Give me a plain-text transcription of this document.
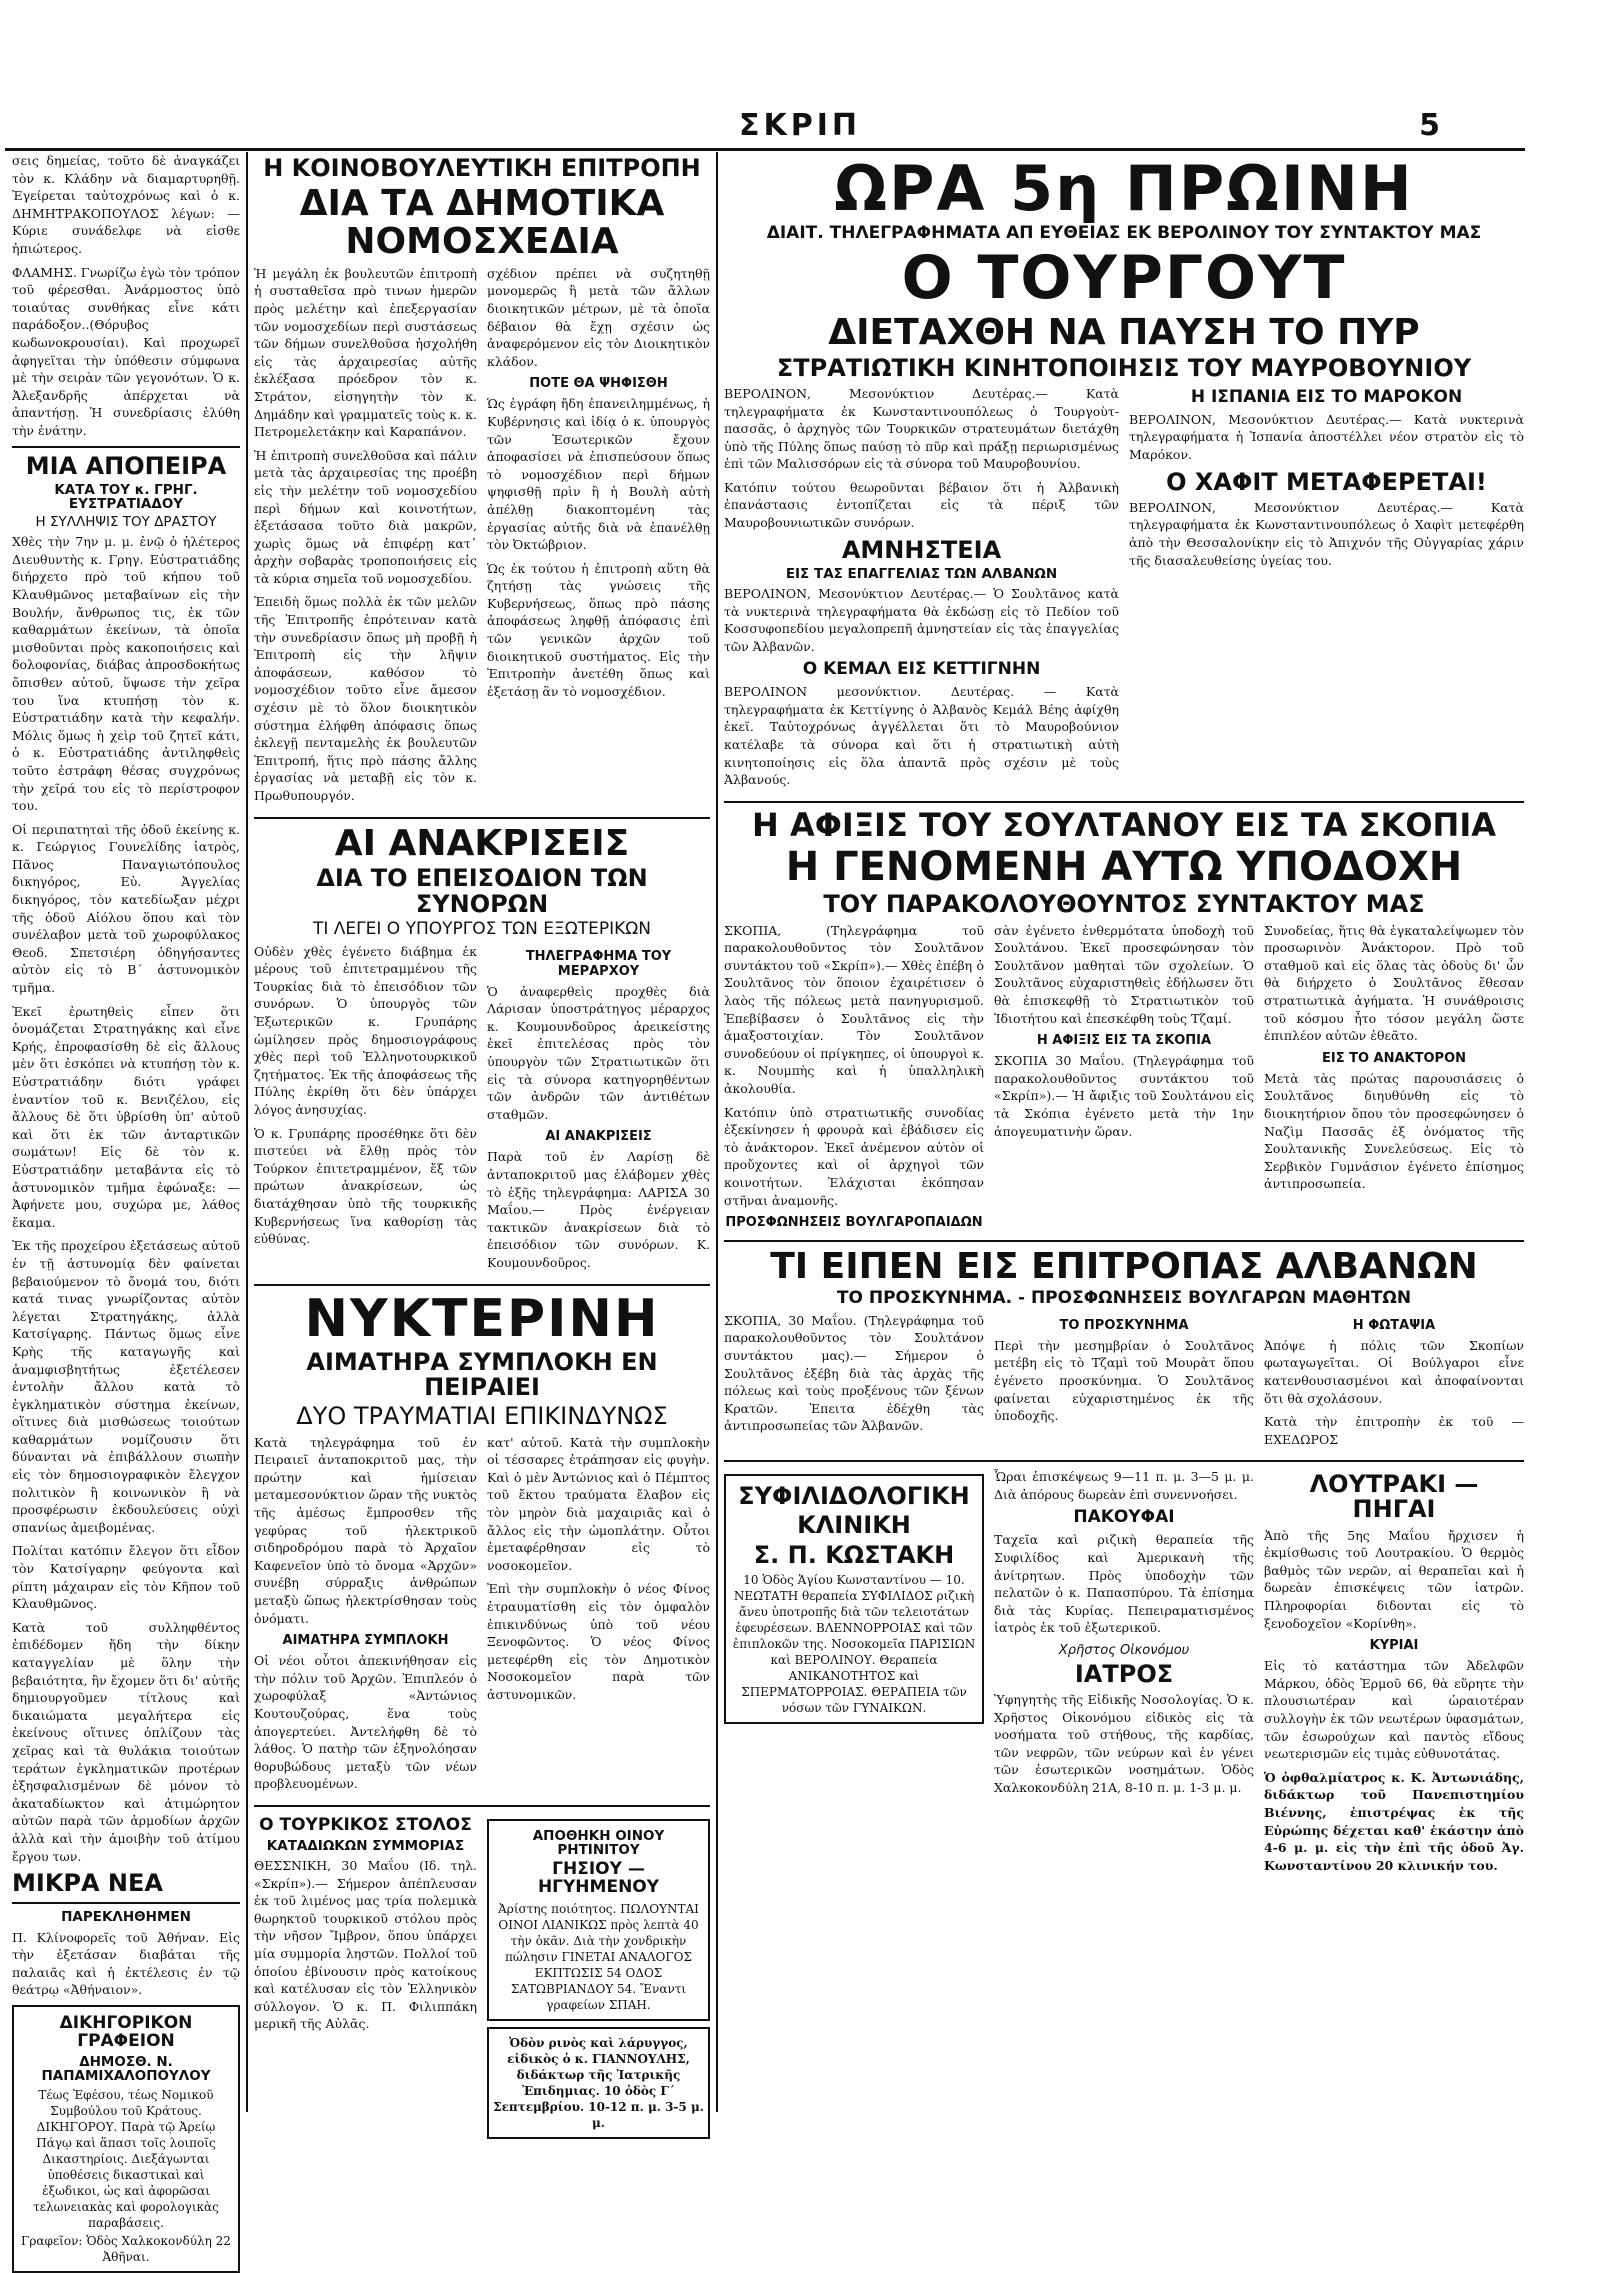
ΣΚΡΙΠ	5

σεις δημείας, τοῦτο δὲ ἀναγκάζει τὸν κ. Κλάδην νὰ διαμαρτυρηθῇ. Ἐγείρεται ταὐτοχρόνως καὶ ὁ κ. ΔΗΜΗΤΡΑΚΟΠΟΥΛΟΣ λέγων: — Κύριε συνάδελφε νὰ εἰσθε ἠπιώτερος.

ΦΛΑΜΗΣ. Γνωρίζω ἐγὼ τὸν τρόπον τοῦ φέρεσθαι. Ἀνάρμοστος ὑπὸ τοιαύτας συνθήκας εἶνε κάτι παράδοξον..(Θόρυβος κωδωνοκρουσίαι). Καὶ προχωρεῖ ἀφηγεῖται τὴν ὑπόθεσιν σύμφωνα μὲ τὴν σειρὰν τῶν γεγονότων. Ὁ κ. Ἀλεξανδρῆς ἀπέρχεται νὰ ἀπαντήσῃ. Ἡ συνεδρίασις ἐλύθη τὴν ἐνάτην.

ΜΙΑ ΑΠΟΠΕΙΡΑ
ΚΑΤΑ ΤΟΥ κ. ΓΡΗΓ. ΕΥΣΤΡΑΤΙΑΔΟΥ
Η ΣΥΛΛΗΨΙΣ ΤΟΥ ΔΡΑΣΤΟΥ

Χθὲς τὴν 7ην μ. μ. ἐνῷ ὁ ἡλέτερος Διευθυντὴς κ. Γρηγ. Εὐστρατιάδης διήρχετο πρὸ τοῦ κήπου τοῦ Κλαυθμῶνος μεταβαίνων εἰς τὴν Βουλήν, ἄνθρωπος τις, ἐκ τῶν καθαρμάτων ἐκείνων, τὰ ὁποῖα μισθοῦνται πρὸς κακοποιήσεις καὶ δολοφονίας, διάβας ἀπροσδοκήτως ὄπισθεν αὐτοῦ, ὕψωσε τὴν χεῖρα του ἵνα κτυπήσῃ τὸν κ. Εὐστρατιάδην κατὰ τὴν κεφαλήν. Μόλις ὅμως ἡ χεὶρ τοῦ ζητεῖ κάτι, ὁ κ. Εὐστρατιάδης ἀντιληφθεὶς τοῦτο ἐστράφη θέσας συγχρόνως τὴν χεῖρά του εἰς τὸ περίστροφον του.

Οἱ περιπατηταὶ τῆς ὁδοῦ ἐκείνης κ. κ. Γεώργιος Γουνελίδης ἰατρὸς, Πᾶνος Παναγιωτόπουλος δικηγόρος, Εὐ. Ἀγγελίας δικηγόρος, τὸν κατεδίωξαν μέχρι τῆς ὁδοῦ Αἰόλου ὅπου καὶ τὸν συνέλαβον μετὰ τοῦ χωροφύλακος Θεοδ. Σπετσιέρη ὁδηγήσαντες αὐτὸν εἰς τὸ Β΄ ἀστυνομικὸν τμῆμα.

Ἐκεῖ ἐρωτηθεὶς εἶπεν ὅτι ὀνομάζεται Στρατηγάκης καὶ εἶνε Κρής, ἐπροφασίσθη δὲ εἰς ἄλλους μὲν ὅτι ἐσκόπει νὰ κτυπήσῃ τὸν κ. Εὐστρατιάδην διότι γράφει ἐναντίον τοῦ κ. Βενιζέλου, εἰς ἄλλους δὲ ὅτι ὑβρίσθη ὑπ' αὐτοῦ καὶ ὅτι ἐκ τῶν ἀνταρτικῶν σωμάτων! Εἰς δὲ τὸν κ. Εὐστρατιάδην μεταβάντα εἰς τὸ ἀστυνομικὸν τμῆμα ἐφώναξε: — Ἀφήνετε μου, συχώρα με, λάθος ἔκαμα.

Ἐκ τῆς προχείρου ἐξετάσεως αὐτοῦ ἐν τῇ ἀστυνομίᾳ δὲν φαίνεται βεβαιούμενον τὸ ὄνομά του, διότι κατά τινας γνωρίζοντας αὐτὸν λέγεται Στρατηγάκης, ἀλλὰ Κατσίγαρης. Πάντως ὅμως εἶνε Κρὴς τῆς καταγωγῆς καὶ ἀναμφισβητήτως ἐξετέλεσεν ἐντολὴν ἄλλου κατὰ τὸ ἐγκληματικὸν σύστημα ἐκείνων, οἵτινες διὰ μισθώσεως τοιούτων καθαρμάτων νομίζουσιν ὅτι δύνανται νὰ ἐπιβάλλουν σιωπὴν εἰς τὸν δημοσιογραφικὸν ἔλεγχον πολιτικὸν ἢ κοινωνικὸν ἢ νὰ προσφέρωσιν ἐκδουλεύσεις οὐχὶ σπανίως ἀμειβομένας.

Πολίται κατόπιν ἔλεγον ὅτι εἶδον τὸν Κατσίγαρην φεύγοντα καὶ ρίπτη μάχαιραν εἰς τὸν Κῆπον τοῦ Κλαυθμῶνος.

Κατὰ τοῦ συλληφθέντος ἐπιδέδομεν ἤδη τὴν δίκην καταγγελίαν μὲ ὅλην τὴν βεβαιότητα, ἢν ἔχομεν ὅτι δι' αὐτῆς δημιουργοῦμεν τίτλους καὶ δικαιώματα μεγαλήτερα εἰς ἐκείνους οἵτινες ὁπλίζουν τὰς χεῖρας καὶ τὰ θυλάκια τοιούτων τεράτων ἐγκληματικῶν προτέρων ἐξησφαλισμένων δὲ μόνον τὸ ἀκαταδίωκτον καὶ ἀτιμώρητον αὐτῶν παρὰ τῶν ἁρμοδίων ἀρχῶν ἀλλὰ καὶ τὴν ἀμοιβὴν τοῦ ἀτίμου ἔργου των.

ΜΙΚΡΑ ΝΕΑ
ΠΑΡΕΚΛΗΘΗΜΕΝ

Π. Κλίνοφορεῖς τοῦ Ἀθήναν. Εἰς τὴν ἐξετάσαν διαβάται τῆς παλαιᾶς καὶ ἡ ἐκτέλεσις ἐν τῷ θεάτρῳ «Ἀθήναιον».

ΔΙΚΗΓΟΡΙΚΟΝ ΓΡΑΦΕΙΟΝ
ΔΗΜΟΣΘ. Ν. ΠΑΠΑΜΙΧΑΛΟΠΟΥΛΟΥ

Τέως Ἐφέσου, τέως Νομικοῦ Συμβούλου τοῦ Κράτους. ΔΙΚΗΓΟΡΟΥ. Παρὰ τῷ Ἀρείῳ Πάγῳ καὶ ἅπασι τοῖς λοιποῖς Δικαστηρίοις. Διεξάγωνται ὑποθέσεις δικαστικαὶ καὶ ἐξωδικοι, ὡς καὶ ἀφορῶσαι τελωνειακὰς καὶ φορολογικὰς παραβάσεις.

Γραφεῖον: Ὁδὸς Χαλκοκονδύλη 22 Ἀθῆναι.

Η ΚΟΙΝΟΒΟΥΛΕΥΤΙΚΗ ΕΠΙΤΡΟΠΗ
ΔΙΑ ΤΑ ΔΗΜΟΤΙΚΑ ΝΟΜΟΣΧΕΔΙΑ

Ἡ μεγάλη ἐκ βουλευτῶν ἐπιτροπὴ ἡ συσταθεῖσα πρὸ τινων ἡμερῶν πρὸς μελέτην καὶ ἐπεξεργασίαν τῶν νομοσχεδίων περὶ συστάσεως τῶν δήμων συνελθοῦσα ἠσχολήθη εἰς τὰς ἀρχαιρεσίας αὐτῆς ἐκλέξασα πρόεδρον τὸν κ. Στράτον, εἰσηγητὴν τὸν κ. Δημάδην καὶ γραμματεῖς τοὺς κ. κ. Πετρομελετάκην καὶ Καραπάνον.

Ἡ ἐπιτροπὴ συνελθοῦσα καὶ πάλιν μετὰ τὰς ἀρχαιρεσίας της προέβη εἰς τὴν μελέτην τοῦ νομοσχεδίου περὶ δήμων καὶ κοινοτήτων, ἐξετάσασα τοῦτο διὰ μακρῶν, χωρὶς ὅμως νὰ ἐπιφέρῃ κατ᾽ ἀρχὴν σοβαρὰς τροποποιήσεις εἰς τὰ κύρια σημεῖα τοῦ νομοσχεδίου.

Ἐπειδὴ ὅμως πολλὰ ἐκ τῶν μελῶν τῆς Ἐπιτροπῆς ἐπρότειναν κατὰ τὴν συνεδρίασιν ὅπως μὴ προβῇ ἡ Ἐπιτροπὴ εἰς τὴν λῆψιν ἀποφάσεων, καθόσον τὸ νομοσχέδιον τοῦτο εἶνε ἄμεσον σχέσιν μὲ τὸ ὅλον διοικητικὸν σύστημα ἐλήφθη ἀπόφασις ὅπως ἐκλεγῇ πενταμελὴς ἐκ βουλευτῶν Ἐπιτροπή, ἥτις πρὸ πάσης ἄλλης ἐργασίας νὰ μεταβῇ εἰς τὸν κ. Πρωθυπουργόν.

σχέδιον πρέπει νὰ συζητηθῇ μονομερῶς ἢ μετὰ τῶν ἄλλων διοικητικῶν μέτρων, μὲ τὰ ὁποῖα δέβαιον θὰ ἔχῃ σχέσιν ὡς ἀναφερόμενον εἰς τὸν Διοικητικὸν κλάδον.

ΠΟΤΕ ΘΑ ΨΗΦΙΣΘΗ

Ὡς ἐγράφη ἤδη ἐπανειλημμένως, ἡ Κυβέρνησις καὶ ἰδίᾳ ὁ κ. ὑπουργὸς τῶν Ἐσωτερικῶν ἔχουν ἀποφασίσει νὰ ἐπισπεύσουν ὅπως τὸ νομοσχέδιον περὶ δήμων ψηφισθῇ πρὶν ἢ ἡ Βουλὴ αὐτὴ ἀπέλθῃ διακοπτομένη τὰς ἐργασίας αὐτῆς διὰ νὰ ἐπανέλθῃ τὸν Ὀκτώβριον.

Ὡς ἐκ τούτου ἡ ἐπιτροπὴ αὕτη θὰ ζητήσῃ τὰς γνώσεις τῆς Κυβερνήσεως, ὅπως πρὸ πάσης ἀποφάσεως ληφθῇ ἀπόφασις ἐπὶ τῶν γενικῶν ἀρχῶν τοῦ διοικητικοῦ συστήματος. Εἰς τὴν Ἐπιτροπὴν ἀνετέθη ὅπως καὶ ἐξετάσῃ ἂν τὸ νομοσχέδιον.

ΑΙ ΑΝΑΚΡΙΣΕΙΣ
ΔΙΑ ΤΟ ΕΠΕΙΣΟΔΙΟΝ ΤΩΝ ΣΥΝΟΡΩΝ
ΤΙ ΛΕΓΕΙ Ο ΥΠΟΥΡΓΟΣ ΤΩΝ ΕΞΩΤΕΡΙΚΩΝ

Οὐδὲν χθὲς ἐγένετο διάβημα ἐκ μέρους τοῦ ἐπιτετραμμένου τῆς Τουρκίας διὰ τὸ ἐπεισόδιον τῶν συνόρων. Ὁ ὑπουργὸς τῶν Ἐξωτερικῶν κ. Γρυπάρης ὡμίλησεν πρὸς δημοσιογράφους χθὲς περὶ τοῦ Ἑλληνοτουρκικοῦ ζητήματος. Ἐκ τῆς ἀποφάσεως τῆς Πύλης ἐκρίθη ὅτι δὲν ὑπάρχει λόγος ἀνησυχίας.

Ὁ κ. Γρυπάρης προσέθηκε ὅτι δὲν πιστεύει νὰ ἔλθῃ πρὸς τὸν Τούρκον ἐπιτετραμμένον, ἔξ τῶν πρώτων ἀνακρίσεων, ὡς διατάχθησαν ὑπὸ τῆς τουρκικῆς Κυβερνήσεως ἵνα καθορίσῃ τὰς εὐθύνας.

ΤΗΛΕΓΡΑΦΗΜΑ ΤΟΥ ΜΕΡΑΡΧΟΥ

Ὁ ἀναφερθεὶς προχθὲς διὰ Λάρισαν ὑποστράτηγος μέραρχος κ. Κουμουνδοῦρος ἀρεικείστης ἐκεῖ ἐπιτελέσας πρὸς τὸν ὑπουργὸν τῶν Στρατιωτικῶν ὅτι εἰς τὰ σύνορα κατηγορηθέντων τῶν ἀνδρῶν τῶν ἀντιθέτων σταθμῶν.

ΑΙ ΑΝΑΚΡΙΣΕΙΣ

Παρὰ τοῦ ἐν Λαρίσῃ δὲ ἀνταποκριτοῦ μας ἐλάβομεν χθὲς τὸ ἑξῆς τηλεγράφημα: ΛΑΡΙΣΑ 30 Μαΐου.— Πρὸς ἐνέργειαν τακτικῶν ἀνακρίσεων διὰ τὸ ἐπεισόδιον τῶν συνόρων. Κ. Κουμουνδοῦρος.

ΝΥΚΤΕΡΙΝΗ
ΑΙΜΑΤΗΡΑ ΣΥΜΠΛΟΚΗ ΕΝ ΠΕΙΡΑΙΕΙ
ΔΥΟ ΤΡΑΥΜΑΤΙΑΙ ΕΠΙΚΙΝΔΥΝΩΣ

Κατὰ τηλεγράφημα τοῦ ἐν Πειραιεῖ ἀνταποκριτοῦ μας, τὴν πρώτην καὶ ἡμίσειαν μεταμεσονύκτιον ὥραν τῆς νυκτὸς τῆς ἀμέσως ἔμπροσθεν τῆς γεφύρας τοῦ ἠλεκτρικοῦ σιδηροδρόμου παρὰ τὸ Ἀρχαῖον Καφενεῖον ὑπὸ τὸ ὄνομα «Ἀρχῶν» συνέβη σύρραξις ἀνθρώπων μεταξὺ ὥπως ἠλεκτρίσθησαν τοὺς ὀνόματι.

ΑΙΜΑΤΗΡΑ ΣΥΜΠΛΟΚΗ

Οἱ νέοι οὗτοι ἀπεκινήθησαν εἰς τὴν πόλιν τοῦ Ἀρχῶν. Ἐπιπλεόν ὁ χωροφύλαξ «Ἀντώνιος Κουτουζούρας, ἕνα τοὺς ἀπογερτεύει. Ἀντελήφθη δὲ τὸ λάθος. Ὁ πατὴρ τῶν ἐξηνολόησαν θορυβώδους μεταξὺ τῶν νέων προβλευομένων.

κατ' αὐτοῦ. Κατὰ τὴν συμπλοκὴν οἱ τέσσαρες ἐτράπησαν εἰς φυγὴν. Καὶ ὁ μὲν Ἀντώνιος καὶ ὁ Πέμπτος τοῦ ἔκτου τραύματα ἔλαβον εἰς τὸν μηρὸν διὰ μαχαιριᾶς καὶ ὁ ἄλλος εἰς τὴν ὠμοπλάτην. Οὗτοι ἐμεταφέρθησαν εἰς τὸ νοσοκομεῖον.

Ἐπὶ τὴν συμπλοκὴν ὁ νέος Φίνος ἐτραυματίσθη εἰς τὸν ὀμφαλὸν ἐπικινδύνως ὑπὸ τοῦ νέου Ξενοφῶντος. Ὁ νέος Φίνος μετεφέρθη εἰς τὸν Δημοτικὸν Νοσοκομεῖον παρὰ τῶν ἀστυνομικῶν.

Ο ΤΟΥΡΚΙΚΟΣ ΣΤΟΛΟΣ
ΚΑΤΑΔΙΩΚΩΝ ΣΥΜΜΟΡΙΑΣ

ΘΕΣΣΝΙΚΗ, 30 Μαΐου (Ιδ. τηλ. «Σκρίπ»).— Σήμερον ἀπέπλευσαν ἐκ τοῦ λιμένος μας τρία πολεμικὰ θωρηκτοῦ τουρκικοῦ στόλου πρὸς τὴν νῆσον Ἴμβρον, ὅπου ὑπάρχει μία συμμορία ληστῶν. Πολλοί τοῦ ὁποίου ἐβίνουσιν πρὸς κατοίκους καὶ κατέλυσαν εἰς τὸν Ἑλληνικὸν σύλλογον. Ὁ κ. Π. Φιλιππάκη μερικῆ τῆς Αὐλᾶς.

ΑΠΟΘΗΚΗ ΟΙΝΟΥ ΡΗΤΙΝΙΤΟΥ
ΓΗΣΙΟΥ — ΗΓΥΗΜΕΝΟΥ

Ἀρίστης ποιότητος. ΠΩΛΟΥΝΤΑΙ ΟΙΝΟΙ ΛΙΑΝΙΚΩΣ πρὸς λεπτὰ 40 τὴν ὀκᾶν. Διὰ τὴν χονδρικὴν πώλησιν ΓΙΝΕΤΑΙ ΑΝΑΛΟΓΟΣ ΕΚΠΤΩΣΙΣ 54 ΟΔΟΣ ΣΑΤΩΒΡΙΑΝΔΟΥ 54. Ἔναντι γραφείων ΣΠΑΗ.

Ὀδὸν ρινὸς καὶ λάρυγγος, εἰδικὸς ὁ κ. ΓΙΑΝΝΟΥΛΗΣ, διδάκτωρ τῆς Ἰατρικῆς Ἐπιδημιας. 10 ὁδὸς Γ΄ Σεπτεμβρίου. 10-12 π. μ. 3-5 μ. μ.

ΩΡΑ 5η ΠΡΩΙΝΗ
ΔΙΑΙΤ. ΤΗΛΕΓΡΑΦΗΜΑΤΑ ΑΠ ΕΥΘΕΙΑΣ ΕΚ ΒΕΡΟΛΙΝΟΥ ΤΟΥ ΣΥΝΤΑΚΤΟΥ ΜΑΣ
Ο ΤΟΥΡΓΟΥΤ
ΔΙΕΤΑΧΘΗ ΝΑ ΠΑΥΣΗ ΤΟ ΠΥΡ
ΣΤΡΑΤΙΩΤΙΚΗ ΚΙΝΗΤΟΠΟΙΗΣΙΣ ΤΟΥ ΜΑΥΡΟΒΟΥΝΙΟΥ

ΒΕΡΟΛΙΝΟΝ, Μεσονύκτιον Δευτέρας.— Κατὰ τηλεγραφήματα ἐκ Κωνσταντινουπόλεως ὁ Τουργοὺτ-πασσᾶς, ὁ ἀρχηγὸς τῶν Τουρκικῶν στρατευμάτων διετάχθη ὑπὸ τῆς Πύλης ὅπως παύσῃ τὸ πῦρ καὶ πράξῃ περιωρισμένως ἐπὶ τῶν Μαλισσόρων εἰς τὰ σύνορα τοῦ Μαυροβουνίου.

Κατόπιν τούτου θεωροῦνται βέβαιον ὅτι ἡ Ἀλβανικὴ ἐπανάστασις ἐντοπίζεται εἰς τὰ πέριξ τῶν Μαυροβουνιωτικῶν συνόρων.

ΑΜΝΗΣΤΕΙΑ
ΕΙΣ ΤΑΣ ΕΠΑΓΓΕΛΙΑΣ ΤΩΝ ΑΛΒΑΝΩΝ

ΒΕΡΟΛΙΝΟΝ, Μεσονύκτιον Δευτέρας.— Ὁ Σουλτᾶνος κατὰ τὰ νυκτερινὰ τηλεγραφήματα θὰ ἐκδώσῃ εἰς τὸ Πεδίον τοῦ Κοσσυφοπεδίου μεγαλοπρεπῆ ἀμνηστείαν εἰς τὰς ἐπαγγελίας τῶν Ἀλβανῶν.

Ο ΚΕΜΑΛ ΕΙΣ ΚΕΤΤΙΓΝΗΝ

ΒΕΡΟΛΙΝΟΝ μεσονύκτιον. Δευτέρας. — Κατὰ τηλεγραφήματα ἐκ Κεττίγνης ὁ Ἀλβανὸς Κεμάλ Βέης ἀφίχθη ἐκεῖ. Ταὐτοχρόνως ἀγγέλλεται ὅτι τὸ Μαυροβούνιον κατέλαβε τὰ σύνορα καὶ ὅτι ἡ στρατιωτικὴ αὐτὴ κινητοποίησις εἰς ὅλα ἀπαντᾶ πρὸς σχέσιν μὲ τοὺς Ἀλβανούς.

Η ΙΣΠΑΝΙΑ ΕΙΣ ΤΟ ΜΑΡΟΚΟΝ

ΒΕΡΟΛΙΝΟΝ, Μεσονύκτιον Δευτέρας.— Κατὰ νυκτερινὰ τηλεγραφήματα ἡ Ἰσπανία ἀποστέλλει νέον στρατὸν εἰς τὸ Μαρόκον.

Ο ΧΑΦΙΤ ΜΕΤΑΦΕΡΕΤΑΙ!

ΒΕΡΟΛΙΝΟΝ, Μεσονύκτιον Δευτέρας.— Κατὰ τηλεγραφήματα ἐκ Κωνσταντινουπόλεως ὁ Χαφὶτ μετεφέρθη ἀπὸ τὴν Θεσσαλονίκην εἰς τὸ Ἀπιχνόν τῆς Οὐγγαρίας χάριν τῆς διασαλευθείσης ὑγείας του.

Η ΑΦΙΞΙΣ ΤΟΥ ΣΟΥΛΤΑΝΟΥ ΕΙΣ ΤΑ ΣΚΟΠΙΑ
Η ΓΕΝΟΜΕΝΗ ΑΥΤΩ ΥΠΟΔΟΧΗ
ΤΟΥ ΠΑΡΑΚΟΛΟΥΘΟΥΝΤΟΣ ΣΥΝΤΑΚΤΟΥ ΜΑΣ

ΣΚΟΠΙΑ, (Τηλεγράφημα τοῦ παρακολουθοῦντος τὸν Σουλτᾶνον συντάκτου τοῦ «Σκρίπ»).— Χθὲς ἐπέβη ὁ Σουλτᾶνος τὸν ὅποιον ἐχαιρέτισεν ὁ λαὸς τῆς πόλεως μετὰ πανηγυρισμοῦ. Ἐπεβίβασεν ὁ Σουλτᾶνος εἰς τὴν ἁμαξοστοιχίαν. Τὸν Σουλτᾶνον συνοδεύουν οἱ πρίγκηπες, οἱ ὑπουργοὶ κ. κ. Νουμπὴς καὶ ἡ ὑπαλληλικὴ ἀκολουθία.

Κατόπιν ὑπὸ στρατιωτικῆς συνοδίας ἐξεκίνησεν ἡ φρουρὰ καὶ ἐβάδισεν εἰς τὸ ἀνάκτορον. Ἐκεῖ ἀνέμενον αὐτὸν οἱ προὔχοντες καὶ οἱ ἀρχηγοὶ τῶν κοινοτήτων. Ἐλάχισται ἐκόπησαν στῆναι ἀναμονῆς.

ΠΡΟΣΦΩΝΗΣΕΙΣ ΒΟΥΛΓΑΡΟΠΑΙΔΩΝ

σὰν ἐγένετο ἐνθερμότατα ὑποδοχὴ τοῦ Σουλτάνου. Ἐκεῖ προσεφώνησαν τὸν Σουλτᾶνον μαθηταὶ τῶν σχολείων. Ὁ Σουλτᾶνος εὐχαριστηθεὶς ἐδήλωσεν ὅτι θὰ ἐπισκεφθῇ τὸ Στρατιωτικὸν τοῦ Ἰδιοτήτου καὶ ἐπεσκέφθη τοὺς Τζαμί.

Η ΑΦΙΞΙΣ ΕΙΣ ΤΑ ΣΚΟΠΙΑ

ΣΚΟΠΙΑ 30 Μαΐου. (Τηλεγράφημα τοῦ παρακολουθοῦντος συντάκτου τοῦ «Σκρίπ»).— Ἡ ἄφιξις τοῦ Σουλτάνου εἰς τὰ Σκόπια ἐγένετο μετὰ τὴν 1ην ἀπογευματινὴν ὥραν.

Συνοδείας, ἥτις θὰ ἐγκαταλείψωμεν τὸν προσωρινὸν Ἀνάκτορον. Πρὸ τοῦ σταθμοῦ καὶ εἰς ὅλας τὰς ὁδοὺς δι' ὧν θὰ διήρχετο ὁ Σουλτᾶνος ἔθεσαν στρατιωτικὰ ἀγήματα. Ἡ συνάθροισις τοῦ κόσμου ἦτο τόσον μεγάλη ὥστε ἐπιπλέον αὐτῶν ἐθεᾶτο.

ΕΙΣ ΤΟ ΑΝΑΚΤΟΡΟΝ

Μετὰ τὰς πρώτας παρουσιάσεις ὁ Σουλτᾶνος διηυθύνθη εἰς τὸ διοικητήριον ὅπου τὸν προσεφώνησεν ὁ Ναζὶμ Πασσᾶς ἐξ ὀνόματος τῆς Σουλτανικῆς Συνελεύσεως. Εἰς τὸ Σερβικὸν Γυμνάσιον ἐγένετο ἐπίσημος ἀντιπροσωπεία.

ΤΙ ΕΙΠΕΝ ΕΙΣ ΕΠΙΤΡΟΠΑΣ ΑΛΒΑΝΩΝ
ΤΟ ΠΡΟΣΚΥΝΗΜΑ. - ΠΡΟΣΦΩΝΗΣΕΙΣ ΒΟΥΛΓΑΡΩΝ ΜΑΘΗΤΩΝ

ΣΚΟΠΙΑ, 30 Μαΐου. (Τηλεγράφημα τοῦ παρακολουθοῦντος τὸν Σουλτάνον συντάκτου μας).— Σήμερον ὁ Σουλτᾶνος ἐξέβη διὰ τὰς ἀρχὰς τῆς πόλεως καὶ τοὺς προξένους τῶν ξένων Κρατῶν. Ἐπειτα ἐδέχθη τὰς ἀντιπροσωπείας τῶν Ἀλβανῶν.

ΤΟ ΠΡΟΣΚΥΝΗΜΑ

Περὶ τὴν μεσημβρίαν ὁ Σουλτᾶνος μετέβη εἰς τὸ Τζαμὶ τοῦ Μουρὰτ ὅπου ἐγένετο προσκύνημα. Ὁ Σουλτᾶνος φαίνεται εὐχαριστημένος ἐκ τῆς ὑποδοχῆς.

Η ΦΩΤΑΨΙΑ

Ἀπόψε ἡ πόλις τῶν Σκοπίων φωταγωγεῖται. Οἱ Βούλγαροι εἶνε κατενθουσιασμένοι καὶ ἀποφαίνονται ὅτι θὰ σχολάσουν.

Κατὰ τὴν ἐπιτροπὴν ἐκ τοῦ — ΕΧΕΔΩΡΟΣ

ΣΥΦΙΛΙΔΟΛΟΓΙΚΗ
ΚΛΙΝΙΚΗ
Σ. Π. ΚΩΣΤΑΚΗ

10 Ὁδὸς Ἁγίου Κωνσταντίνου — 10. ΝΕΩΤΑΤΗ θεραπεία ΣΥΦΙΛΙΔΟΣ ριζικὴ ἄνευ ὑποτροπῆς διὰ τῶν τελειοτάτων ἐφευρέσεων. ΒΛΕΝΝΟΡΡΟΙΑΣ καὶ τῶν ἐπιπλοκῶν της. Νοσοκομεῖα ΠΑΡΙΣΙΩΝ καὶ ΒΕΡΟΛΙΝΟΥ. Θεραπεία ΑΝΙΚΑΝΟΤΗΤΟΣ καὶ ΣΠΕΡΜΑΤΟΡΡΟΙΑΣ. ΘΕΡΑΠΕΙΑ τῶν νόσων τῶν ΓΥΝΑΙΚΩΝ.

Ὧραι ἐπισκέψεως 9—11 π. μ. 3—5 μ. μ. Διὰ ἀπόρους δωρεὰν ἐπὶ συνεννοήσει.

ΠΑΚΟΥΦΑΙ

Ταχεῖα καὶ ριζικὴ θεραπεία τῆς Συφιλίδος καὶ Ἀμερικανὴ τῆς ἀνίτρητων. Πρὸς ὑποδοχὴν τῶν πελατῶν ὁ κ. Παπασπύρου. Τὰ ἐπίσημα διὰ τὰς Κυρίας. Πεπειραματισμένος ἰατρὸς ἐκ τοῦ ἐξωτερικοῦ.

Χρῆστος Οἰκονόμου
ΙΑΤΡΟΣ

Ὑφηγητὴς τῆς Εἰδικῆς Νοσολογίας. Ὁ κ. Χρῆστος Οἰκονόμου εἰδικὸς εἰς τὰ νοσήματα τοῦ στήθους, τῆς καρδίας, τῶν νεφρῶν, τῶν νεύρων καὶ ἐν γένει τῶν ἐσωτερικῶν νοσημάτων. Ὁδὸς Χαλκοκονδύλη 21Α, 8-10 π. μ. 1-3 μ. μ.

ΛΟΥΤΡΑΚΙ — ΠΗΓΑΙ

Ἀπὸ τῆς 5ης Μαΐου ἤρχισεν ἡ ἐκμίσθωσις τοῦ Λουτρακίου. Ὁ θερμὸς βαθμὸς τῶν νερῶν, αἱ θεραπεῖαι καὶ ἡ δωρεὰν ἐπισκέψεις τῶν ἰατρῶν. Πληροφορίαι διδονται εἰς τὸ ξενοδοχεῖον «Κορίνθη».

ΚΥΡΙΑΙ

Εἰς τὸ κατάστημα τῶν Ἀδελφῶν Μάρκου, ὁδὸς Ἑρμοῦ 66, θὰ εὕρητε τὴν πλουσιωτέραν καὶ ὡραιοτέραν συλλογὴν ἐκ τῶν νεωτέρων ὑφασμάτων, τῶν ἐσωρούχων καὶ παντὸς εἴδους νεωτερισμῶν εἰς τιμὰς εὐθυνοτάτας.

Ὁ ὀφθαλμίατρος κ. Κ. Ἀντωνιάδης, διδάκτωρ τοῦ Πανεπιστημίου Βιέννης, ἐπιστρέψας ἐκ τῆς Εὐρώπης δέχεται καθ' ἑκάστην ἀπὸ 4-6 μ. μ. εἰς τὴν ἐπὶ τῆς ὁδοῦ Ἀγ. Κωνσταντίνου 20 κλινικήν του.
